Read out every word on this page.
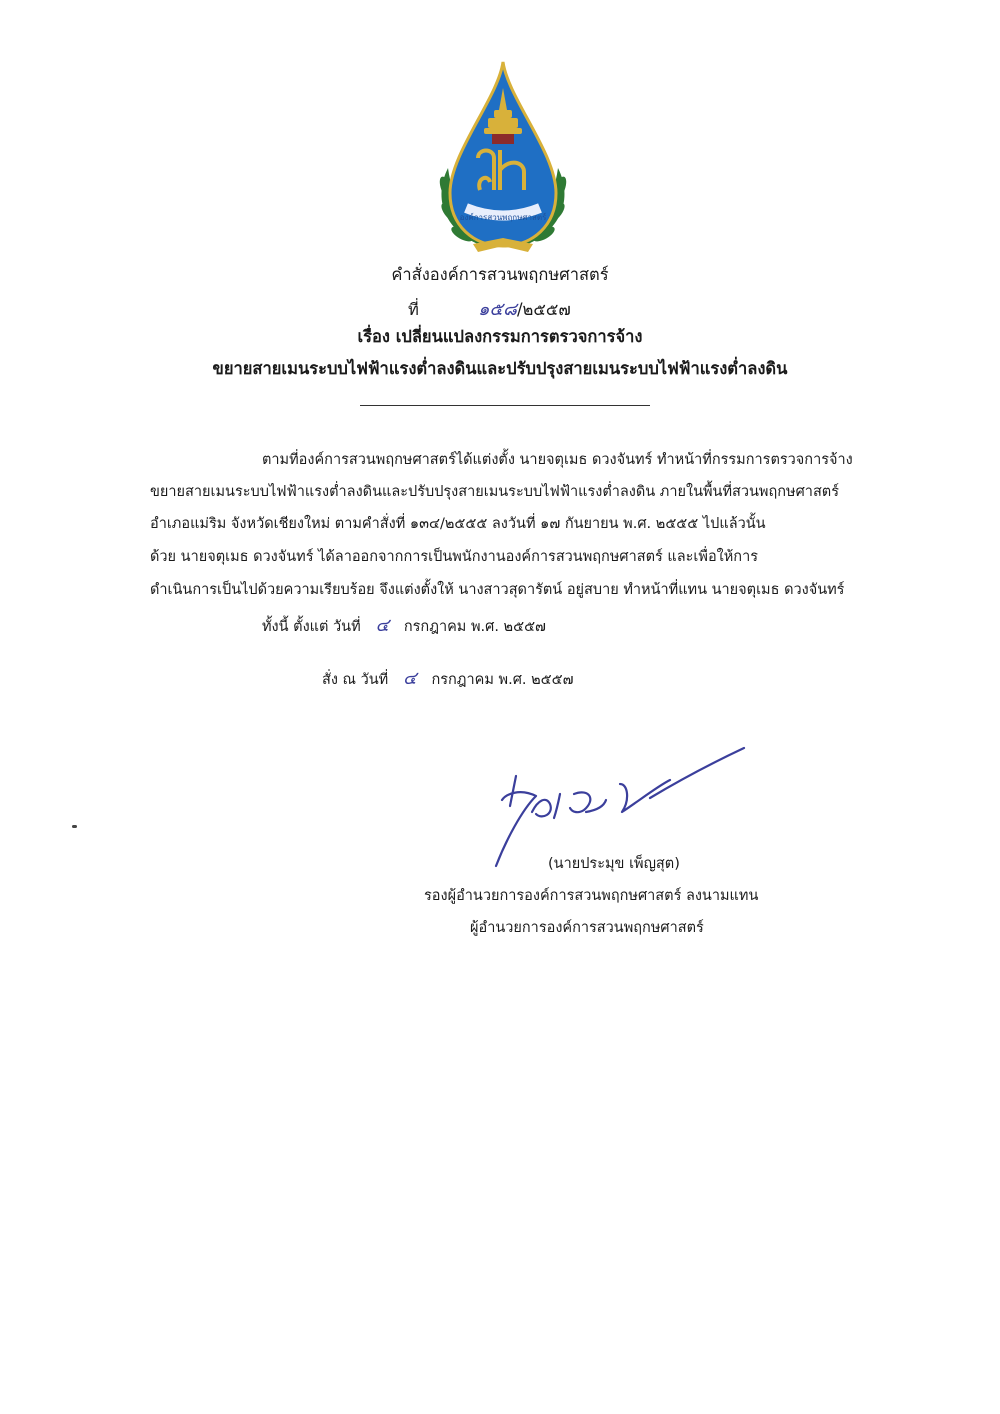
องค์การสวนพฤกษศาสตร์
คำสั่งองค์การสวนพฤกษศาสตร์
ที่	๑๕๘/๒๕๕๗
เรื่อง เปลี่ยนแปลงกรรมการตรวจการจ้าง
ขยายสายเมนระบบไฟฟ้าแรงต่ำลงดินและปรับปรุงสายเมนระบบไฟฟ้าแรงต่ำลงดิน
ตามที่องค์การสวนพฤกษศาสตร์ได้แต่งตั้ง นายจตุเมธ ดวงจันทร์ ทำหน้าที่กรรมการตรวจการจ้าง
ขยายสายเมนระบบไฟฟ้าแรงต่ำลงดินและปรับปรุงสายเมนระบบไฟฟ้าแรงต่ำลงดิน ภายในพื้นที่สวนพฤกษศาสตร์
อำเภอแม่ริม จังหวัดเชียงใหม่ ตามคำสั่งที่ ๑๓๔/๒๕๕๕ ลงวันที่ ๑๗ กันยายน พ.ศ. ๒๕๕๕ ไปแล้วนั้น
ด้วย นายจตุเมธ ดวงจันทร์ ได้ลาออกจากการเป็นพนักงานองค์การสวนพฤกษศาสตร์ และเพื่อให้การ
ดำเนินการเป็นไปด้วยความเรียบร้อย จึงแต่งตั้งให้ นางสาวสุดารัตน์ อยู่สบาย ทำหน้าที่แทน นายจตุเมธ ดวงจันทร์
ทั้งนี้ ตั้งแต่ วันที่ ๔ กรกฎาคม พ.ศ. ๒๕๕๗
สั่ง ณ วันที่ ๔ กรกฎาคม พ.ศ. ๒๕๕๗
(นายประมุข เพ็ญสุต)
รองผู้อำนวยการองค์การสวนพฤกษศาสตร์ ลงนามแทน
ผู้อำนวยการองค์การสวนพฤกษศาสตร์
